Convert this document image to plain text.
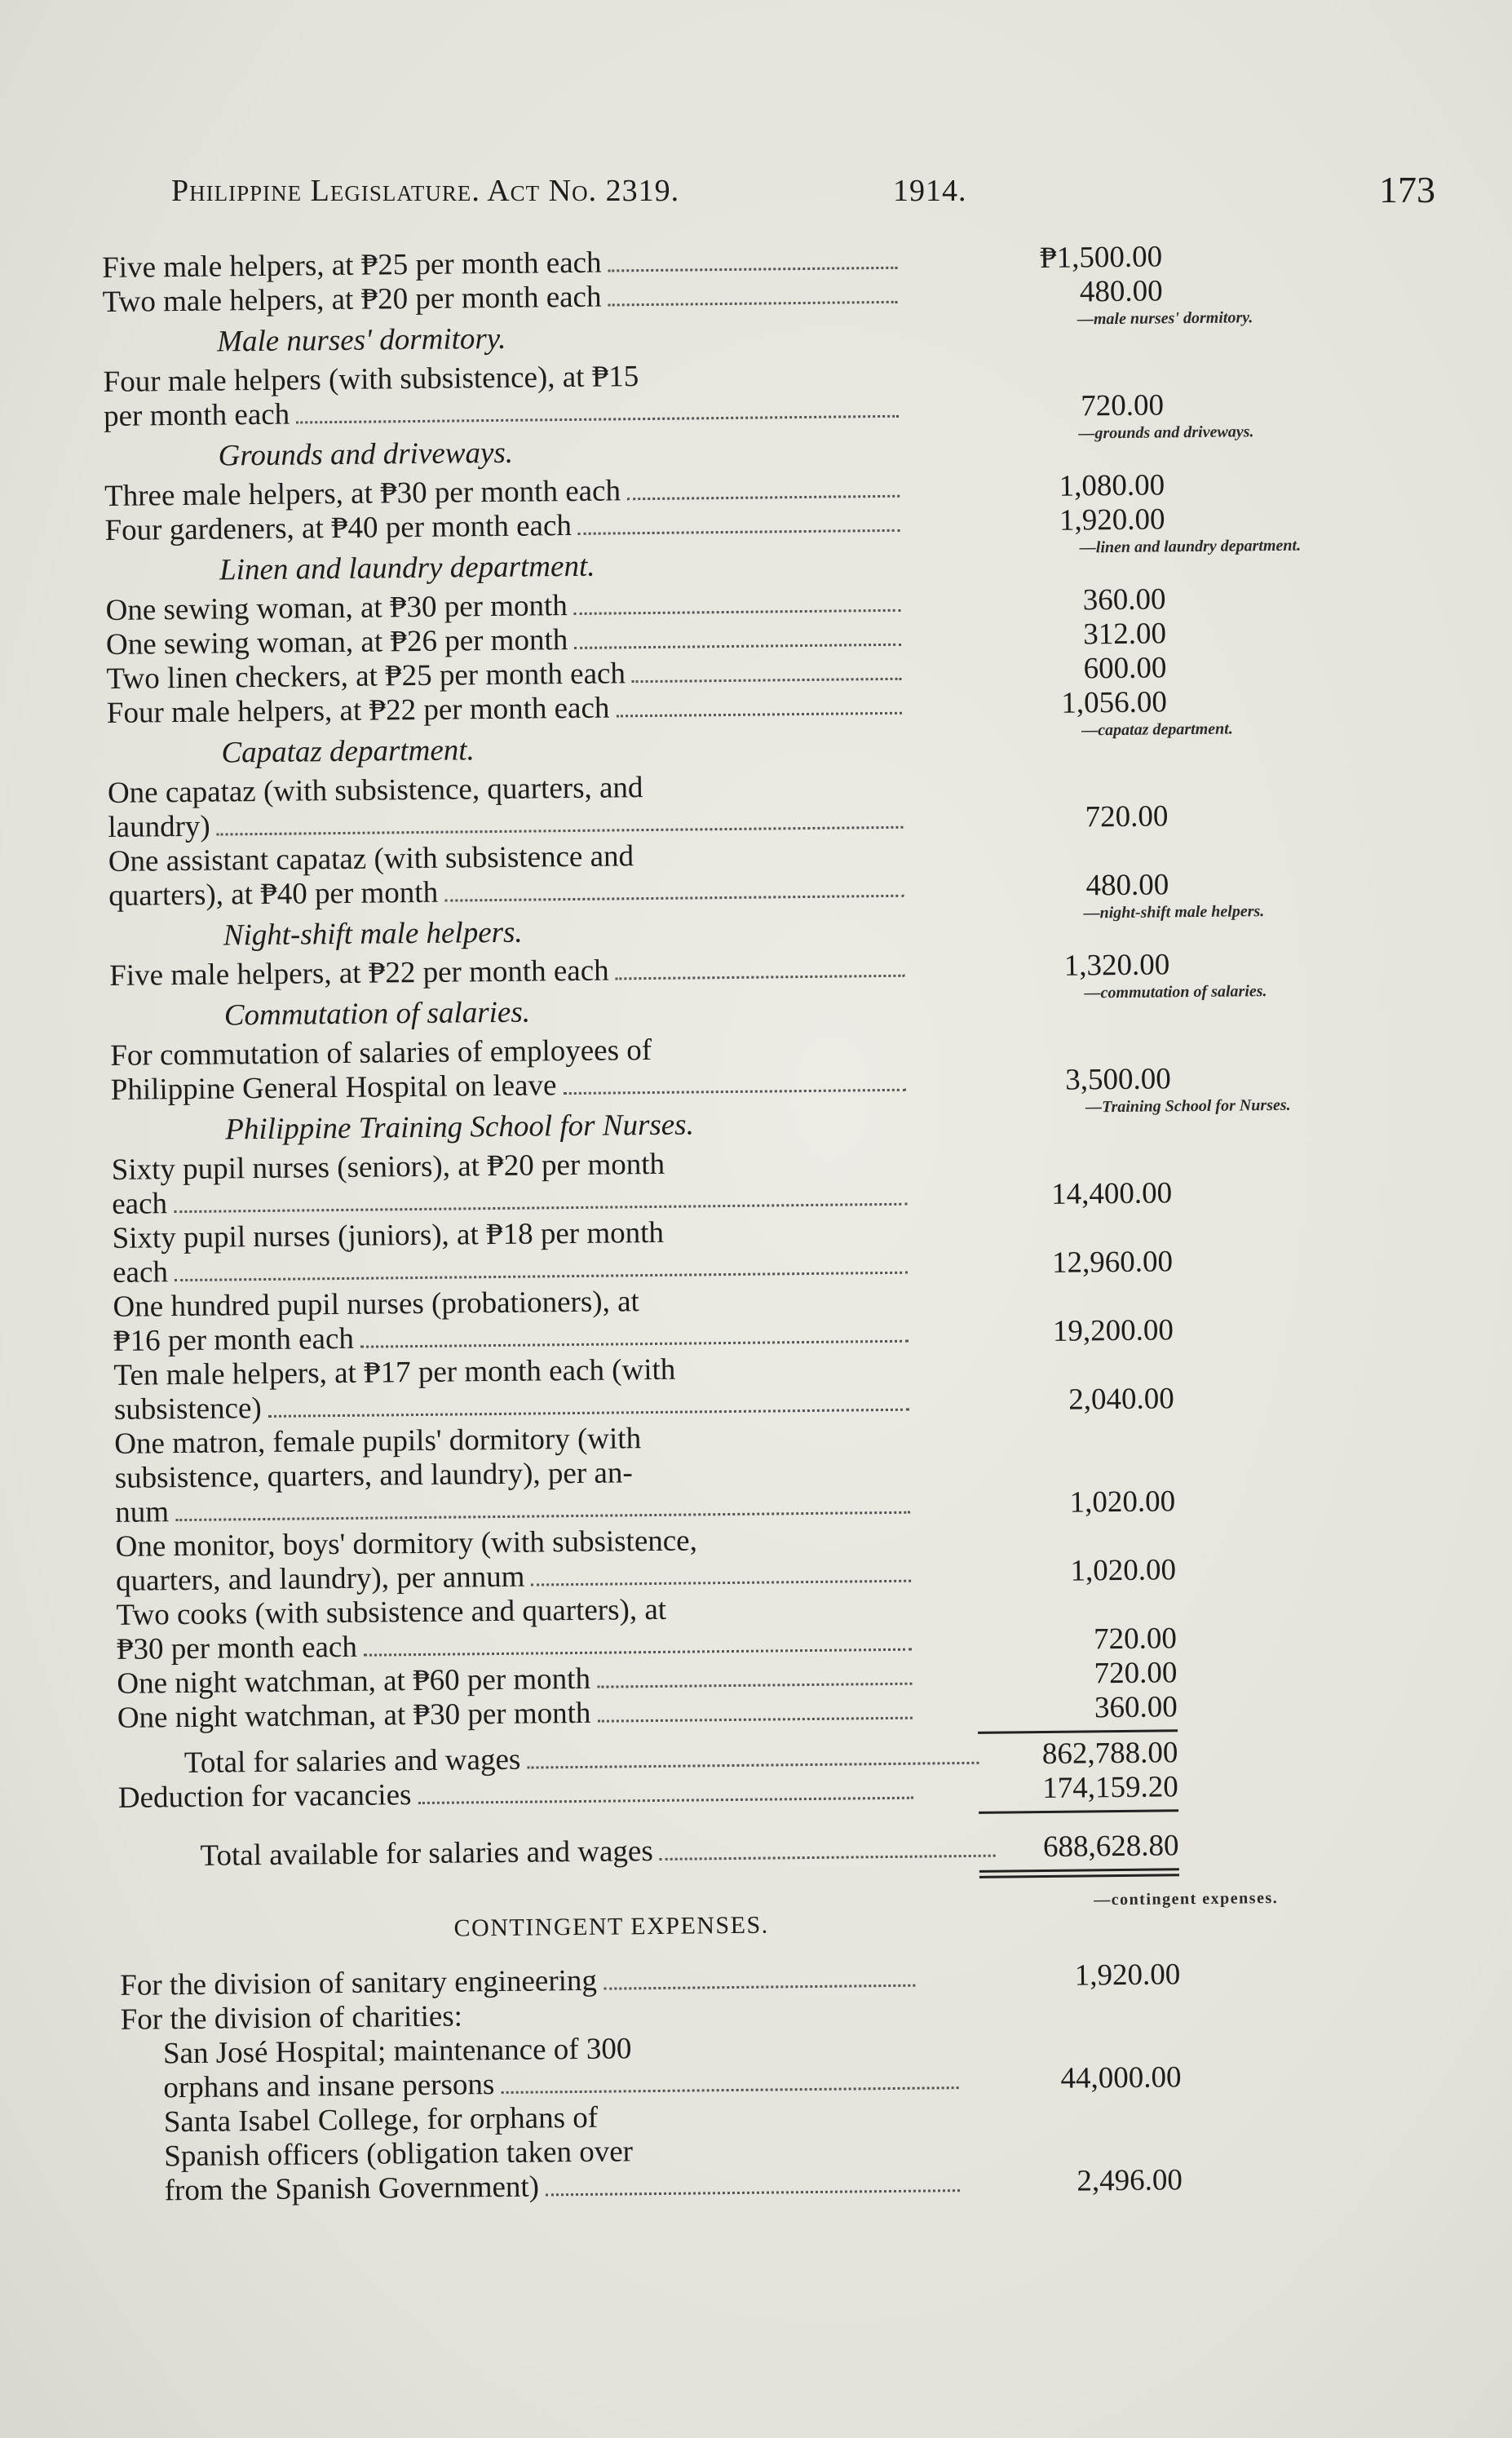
Philippine Legislature. Act No. 2319.	1914.	173
Five male helpers, at ₱25 per month each	₱1,500.00
Two male helpers, at ₱20 per month each	480.00
Male nurses' dormitory.
—male nurses' dormitory.
Four male helpers (with subsistence), at ₱15
per month each	720.00
Grounds and driveways.
—grounds and driveways.
Three male helpers, at ₱30 per month each	1,080.00
Four gardeners, at ₱40 per month each	1,920.00
Linen and laundry department.
—linen and laundry department.
One sewing woman, at ₱30 per month	360.00
One sewing woman, at ₱26 per month	312.00
Two linen checkers, at ₱25 per month each	600.00
Four male helpers, at ₱22 per month each	1,056.00
Capataz department.
—capataz department.
One capataz (with subsistence, quarters, and
laundry)	720.00
One assistant capataz (with subsistence and
quarters), at ₱40 per month	480.00
Night-shift male helpers.
—night-shift male helpers.
Five male helpers, at ₱22 per month each	1,320.00
Commutation of salaries.
—commutation of salaries.
For commutation of salaries of employees of
Philippine General Hospital on leave	3,500.00
Philippine Training School for Nurses.
—Training School for Nurses.
Sixty pupil nurses (seniors), at ₱20 per month
each	14,400.00
Sixty pupil nurses (juniors), at ₱18 per month
each	12,960.00
One hundred pupil nurses (probationers), at
₱16 per month each	19,200.00
Ten male helpers, at ₱17 per month each (with
subsistence)	2,040.00
One matron, female pupils' dormitory (with
subsistence, quarters, and laundry), per an-
num	1,020.00
One monitor, boys' dormitory (with subsistence,
quarters, and laundry), per annum	1,020.00
Two cooks (with subsistence and quarters), at
₱30 per month each	720.00
One night watchman, at ₱60 per month	720.00
One night watchman, at ₱30 per month	360.00
Total for salaries and wages	862,788.00
Deduction for vacancies	174,159.20
Total available for salaries and wages	688,628.80
CONTINGENT EXPENSES.
—contingent expenses.
For the division of sanitary engineering	1,920.00
For the division of charities:
San José Hospital; maintenance of 300
orphans and insane persons	44,000.00
Santa Isabel College, for orphans of
Spanish officers (obligation taken over
from the Spanish Government)	2,496.00
